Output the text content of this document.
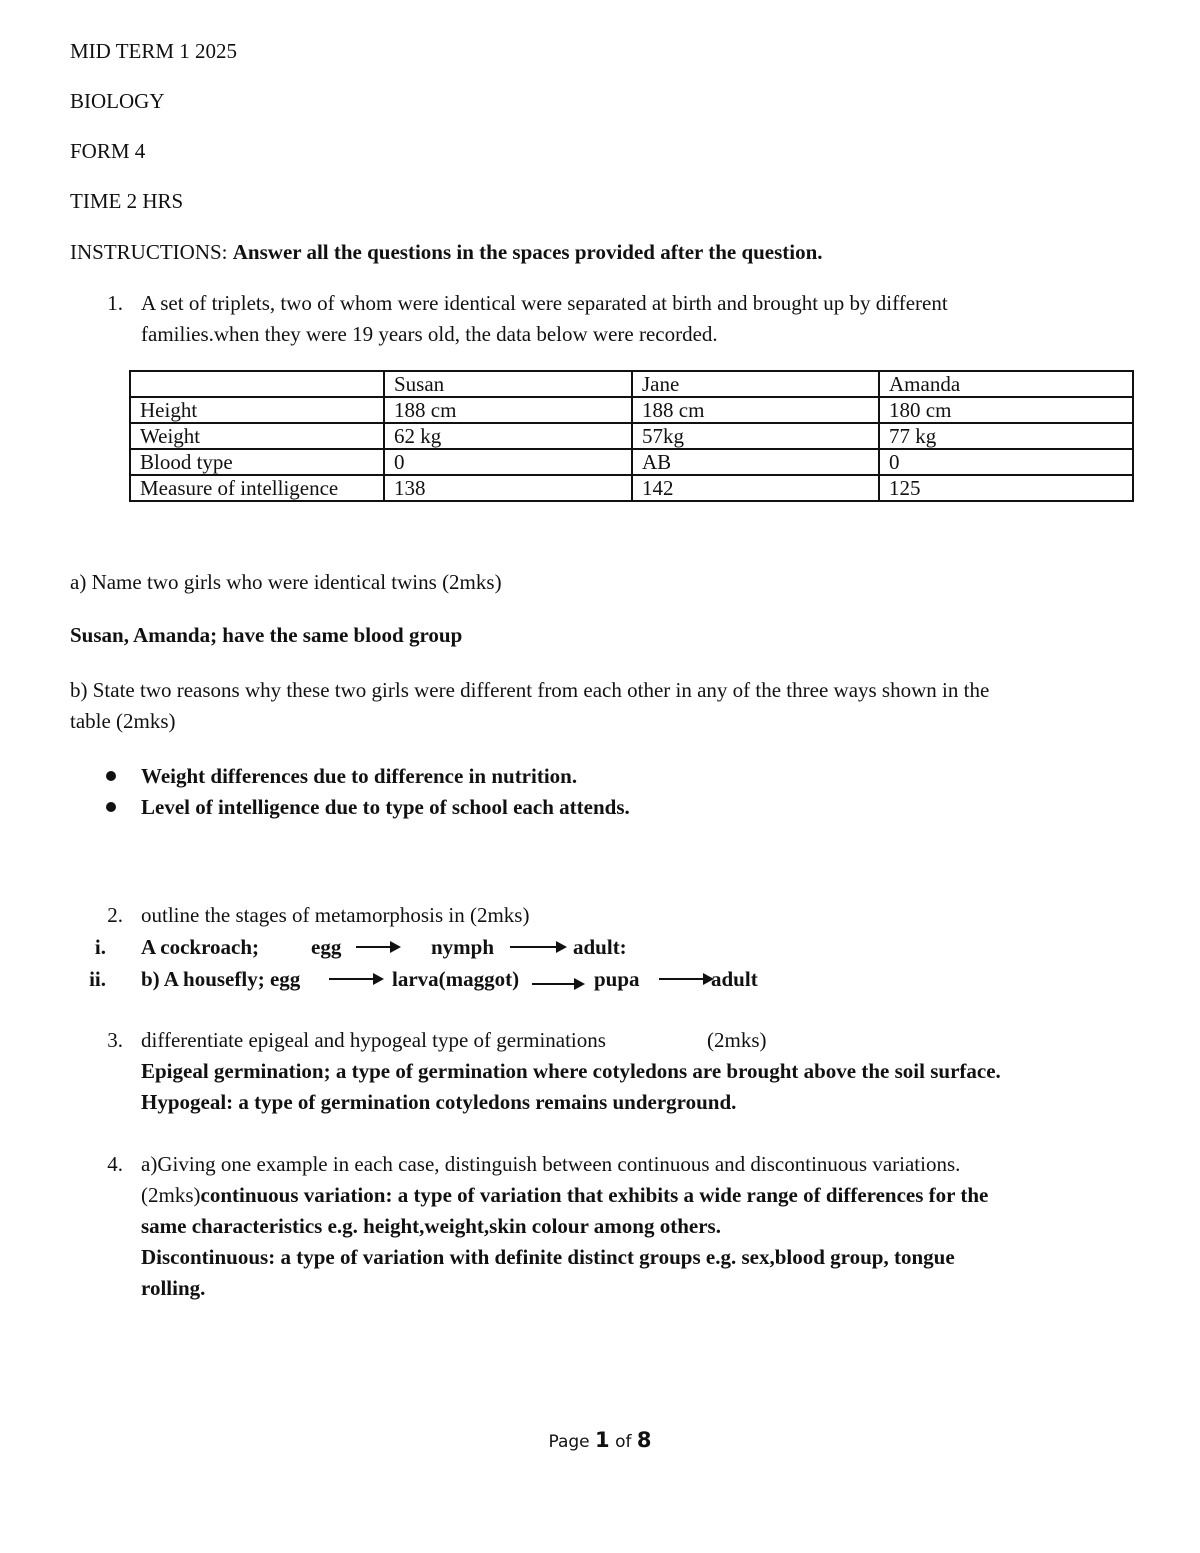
MID TERM 1 2025
BIOLOGY
FORM 4
TIME 2 HRS
INSTRUCTIONS: Answer all the questions in the spaces provided after the question.
1. A set of triplets, two of whom were identical were separated at birth and brought up by different
families.when they were 19 years old, the data below were recorded.
	Susan	Jane	Amanda
Height	188 cm	188 cm	180 cm
Weight	62 kg	57kg	77 kg
Blood type	0	AB	0
Measure of intelligence	138	142	125
a) Name two girls who were identical twins (2mks)
Susan, Amanda; have the same blood group
b) State two reasons why these two girls were different from each other in any of the three ways shown in the
table (2mks)
Weight differences due to difference in nutrition.
Level of intelligence due to type of school each attends.
2. outline the stages of metamorphosis in (2mks)
i. A cockroach; egg	nymph	adult:
ii. b) A housefly; egg	larva(maggot)	pupa	adult
3. differentiate epigeal and hypogeal type of germinations	(2mks)
Epigeal germination; a type of germination where cotyledons are brought above the soil surface.
Hypogeal: a type of germination cotyledons remains underground.
4. a)Giving one example in each case, distinguish between continuous and discontinuous variations.
(2mks)continuous variation: a type of variation that exhibits a wide range of differences for the
same characteristics e.g. height,weight,skin colour among others.
Discontinuous: a type of variation with definite distinct groups e.g. sex,blood group, tongue
rolling.
Page 1 of 8
